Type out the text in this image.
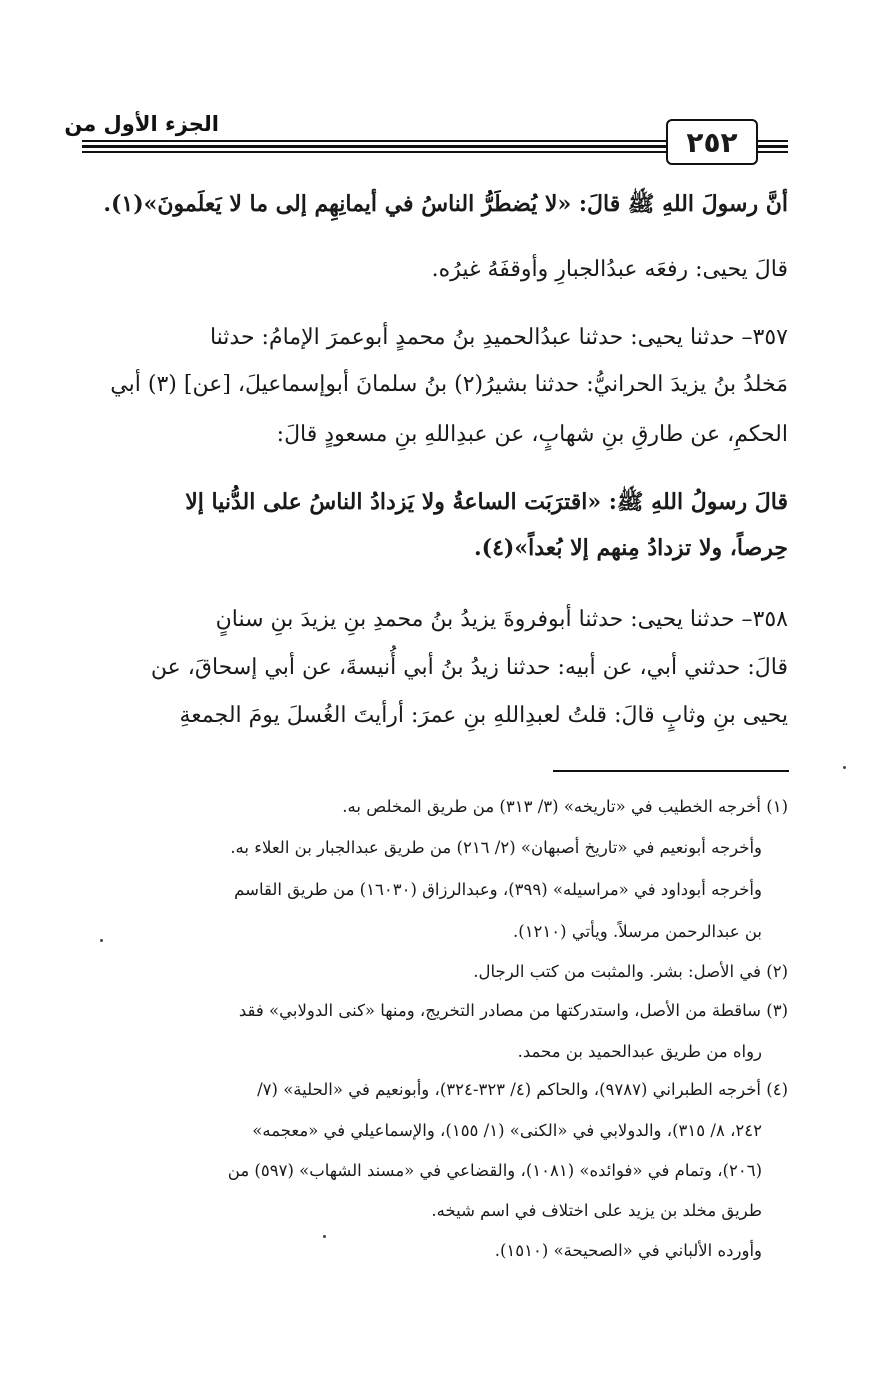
الجزء الأول من
٢٥٢
أنَّ رسولَ اللهِ ﷺ قالَ: «لا يُضطَرُّ الناسُ في أيمانِهِم إلى ما لا يَعلَمونَ»(١).
قالَ يحيى: رفعَه عبدُالجبارِ وأوقفَهُ غيرُه.
٣٥٧– حدثنا يحيى: حدثنا عبدُالحميدِ بنُ محمدٍ أبوعمرَ الإمامُ: حدثنا
مَخلدُ بنُ يزيدَ الحرانيُّ: حدثنا بشيرُ(٢) بنُ سلمانَ أبوإسماعيلَ، [عن] (٣) أبي
الحكمِ، عن طارقِ بنِ شهابٍ، عن عبدِاللهِ بنِ مسعودٍ قالَ:
قالَ رسولُ اللهِ ﷺ: «اقترَبَت الساعةُ ولا يَزدادُ الناسُ على الدُّنيا إلا
حِرصاً، ولا تزدادُ مِنهم إلا بُعداً»(٤).
٣٥٨– حدثنا يحيى: حدثنا أبوفروةَ يزيدُ بنُ محمدِ بنِ يزيدَ بنِ سنانٍ
قالَ: حدثني أبي، عن أبيه: حدثنا زيدُ بنُ أبي أُنيسةَ، عن أبي إسحاقَ، عن
يحيى بنِ وثابٍ قالَ: قلتُ لعبدِاللهِ بنِ عمرَ: أرأيتَ الغُسلَ يومَ الجمعةِ
(١) أخرجه الخطيب في «تاريخه» (٣/ ٣١٣) من طريق المخلص به.
وأخرجه أبونعيم في «تاريخ أصبهان» (٢/ ٢١٦) من طريق عبدالجبار بن العلاء به.
وأخرجه أبوداود في «مراسيله» (٣٩٩)، وعبدالرزاق (١٦٠٣٠) من طريق القاسم
بن عبدالرحمن مرسلاً. ويأتي (١٢١٠).
(٢) في الأصل: بشر. والمثبت من كتب الرجال.
(٣) ساقطة من الأصل، واستدركتها من مصادر التخريج، ومنها «كنى الدولابي» فقد
رواه من طريق عبدالحميد بن محمد.
(٤) أخرجه الطبراني (٩٧٨٧)، والحاكم (٤/ ٣٢٣-٣٢٤)، وأبونعيم في «الحلية» (٧/
٢٤٢، ٨/ ٣١٥)، والدولابي في «الكنى» (١/ ١٥٥)، والإسماعيلي في «معجمه»
(٢٠٦)، وتمام في «فوائده» (١٠٨١)، والقضاعي في «مسند الشهاب» (٥٩٧) من
طريق مخلد بن يزيد على اختلاف في اسم شيخه.
وأورده الألباني في «الصحيحة» (١٥١٠).
